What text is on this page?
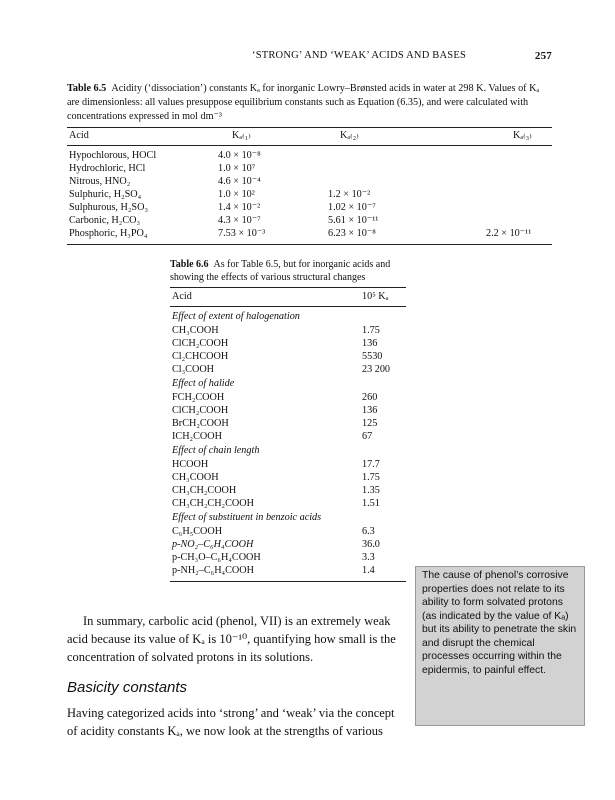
‘STRONG’ AND ‘WEAK’ ACIDS AND BASES	257
Table 6.5 Acidity (‘dissociation’) constants Kₐ for inorganic Lowry–Brønsted acids in water at 298 K. Values of Kₐ are dimensionless: all values presuppose equilibrium constants such as Equation (6.35), and were calculated with concentrations expressed in mol dm⁻³
Acid	Kₐ₍₁₎	Kₐ₍₂₎	Kₐ₍₃₎
Hypochlorous, HOCl	4.0 × 10⁻⁸
Hydrochloric, HCl	1.0 × 10⁷
Nitrous, HNO₂	4.6 × 10⁻⁴
Sulphuric, H₂SO₄	1.0 × 10²	1.2 × 10⁻²
Sulphurous, H₂SO₃	1.4 × 10⁻²	1.02 × 10⁻⁷
Carbonic, H₂CO₃	4.3 × 10⁻⁷	5.61 × 10⁻¹¹
Phosphoric, H₃PO₄	7.53 × 10⁻³	6.23 × 10⁻⁸	2.2 × 10⁻¹¹
Table 6.6 As for Table 6.5, but for inorganic acids and showing the effects of various structural changes
Acid	10⁵ Kₐ
Effect of extent of halogenation
CH₃COOH	1.75
ClCH₂COOH	136
Cl₂CHCOOH	5530
Cl₃COOH	23 200
Effect of halide
FCH₂COOH	260
ClCH₂COOH	136
BrCH₂COOH	125
ICH₂COOH	67
Effect of chain length
HCOOH	17.7
CH₃COOH	1.75
CH₃CH₂COOH	1.35
CH₃CH₂CH₂COOH	1.51
Effect of substituent in benzoic acids
C₆H₅COOH	6.3
p-NO₂–C₆H₄COOH	36.0
p-CH₃O–C₆H₄COOH	3.3
p-NH₂–C₆H₄COOH	1.4
In summary, carbolic acid (phenol, VII) is an extremely weak acid because its value of Kₐ is 10⁻¹⁰, quantifying how small is the concentration of solvated protons in its solutions.
Basicity constants
Having categorized acids into ‘strong’ and ‘weak’ via the concept of acidity constants Kₐ, we now look at the strengths of various
The cause of phenol’s corrosive properties does not relate to its ability to form solvated protons (as indicated by the value of Kₐ) but its ability to penetrate the skin and disrupt the chemical processes occurring within the epidermis, to painful effect.
